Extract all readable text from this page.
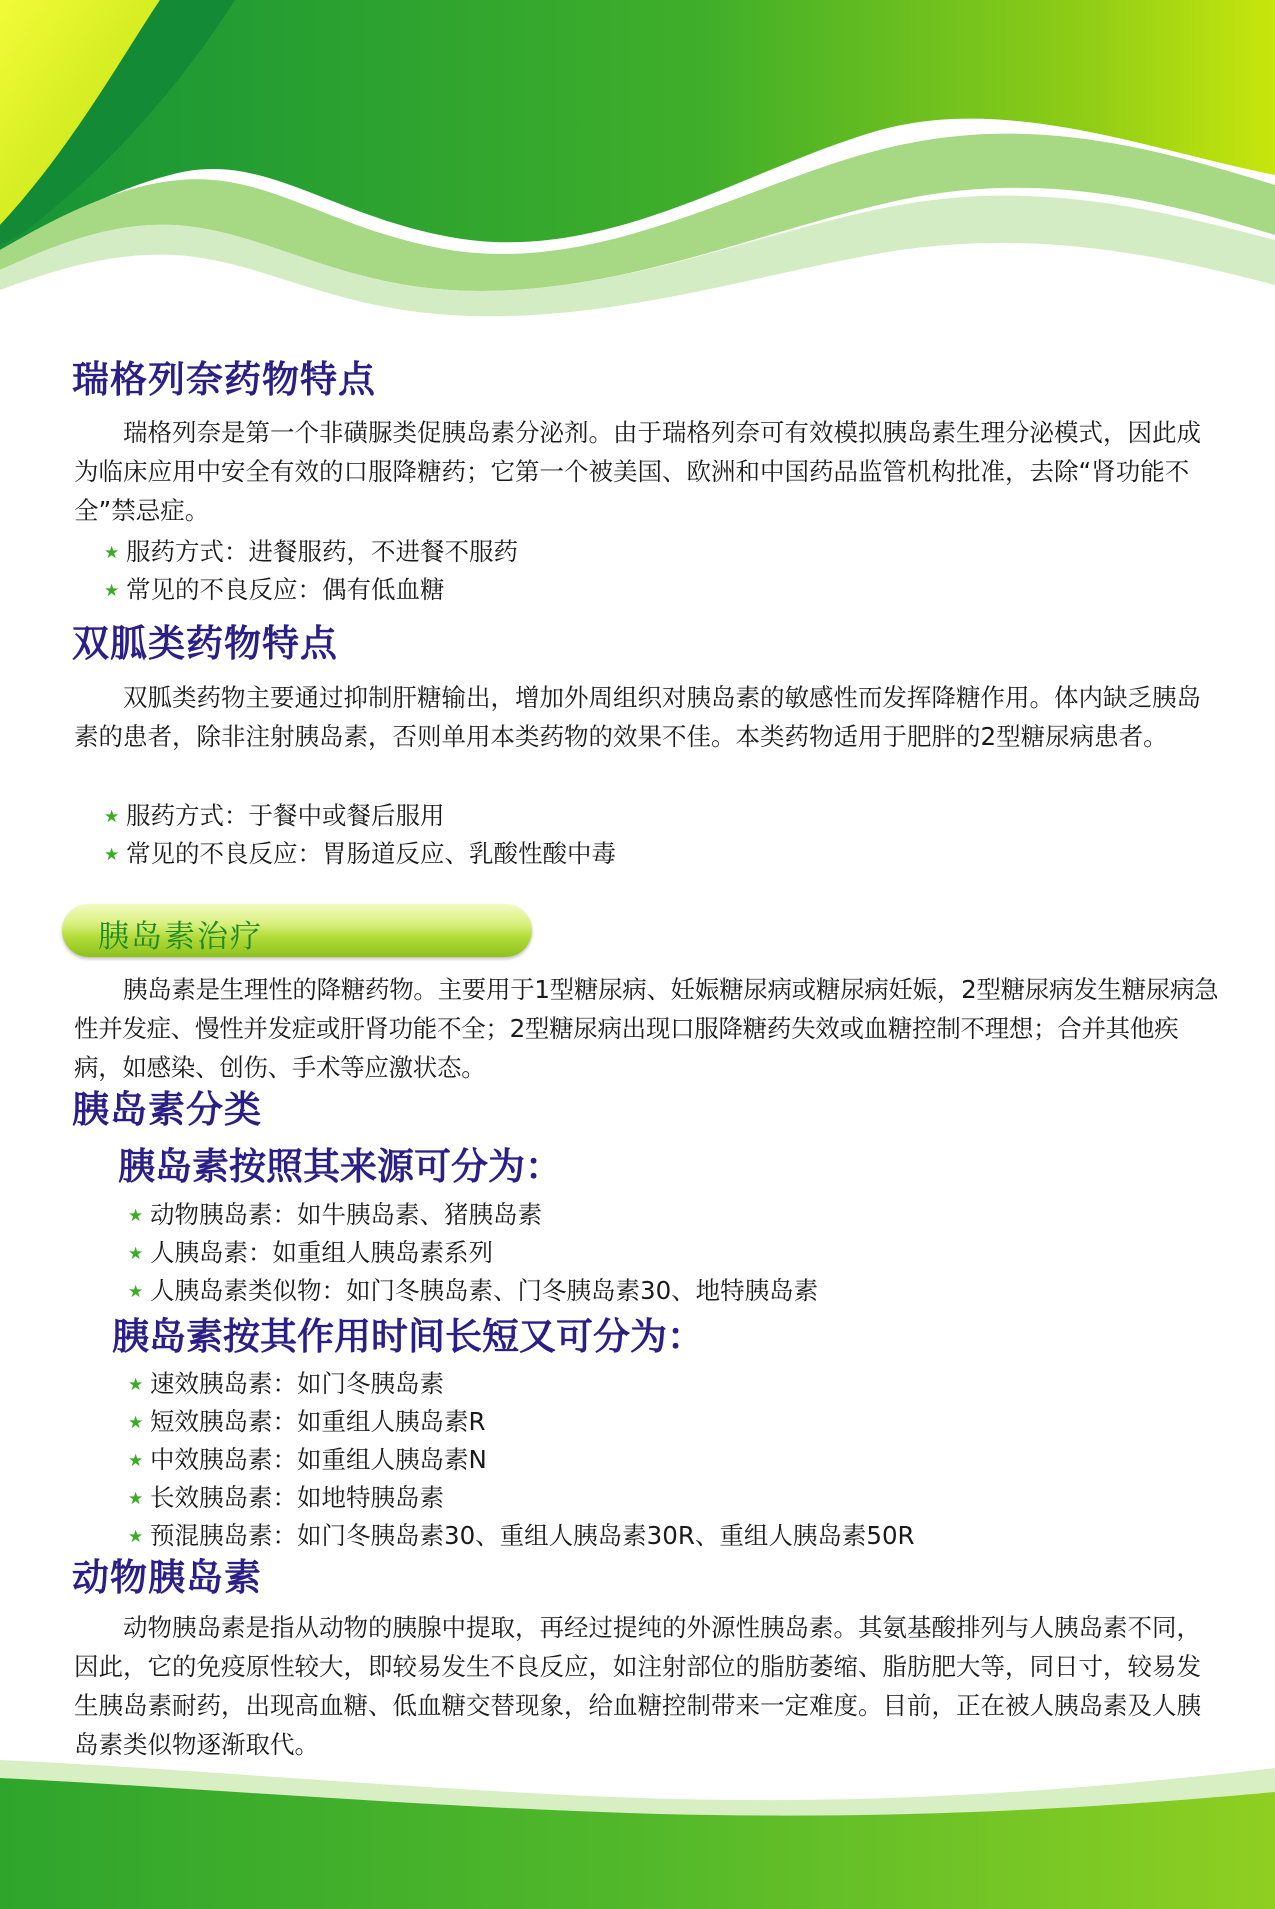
瑞格列奈药物特点

瑞格列奈是第一个非磺脲类促胰岛素分泌剂。由于瑞格列奈可有效模拟胰岛素生理分泌模式，因此成为临床应用中安全有效的口服降糖药；它第一个被美国、欧洲和中国药品监管机构批准，去除“肾功能不全”禁忌症。

★ 服药方式：进餐服药，不进餐不服药
★ 常见的不良反应：偶有低血糖
双胍类药物特点

双胍类药物主要通过抑制肝糖输出，增加外周组织对胰岛素的敏感性而发挥降糖作用。体内缺乏胰岛素的患者，除非注射胰岛素，否则单用本类药物的效果不佳。本类药物适用于肥胖的2型糖尿病患者。

★ 服药方式：于餐中或餐后服用
★ 常见的不良反应：胃肠道反应、乳酸性酸中毒
胰岛素治疗

胰岛素是生理性的降糖药物。主要用于1型糖尿病、妊娠糖尿病或糖尿病妊娠，2型糖尿病发生糖尿病急性并发症、慢性并发症或肝肾功能不全；2型糖尿病出现口服降糖药失效或血糖控制不理想；合并其他疾病，如感染、创伤、手术等应激状态。

胰岛素分类
胰岛素按照其来源可分为：
★ 动物胰岛素：如牛胰岛素、猪胰岛素
★ 人胰岛素：如重组人胰岛素系列
★ 人胰岛素类似物：如门冬胰岛素、门冬胰岛素30、地特胰岛素
胰岛素按其作用时间长短又可分为：
★ 速效胰岛素：如门冬胰岛素
★ 短效胰岛素：如重组人胰岛素R
★ 中效胰岛素：如重组人胰岛素N
★ 长效胰岛素：如地特胰岛素
★ 预混胰岛素：如门冬胰岛素30、重组人胰岛素30R、重组人胰岛素50R
动物胰岛素

动物胰岛素是指从动物的胰腺中提取，再经过提纯的外源性胰岛素。其氨基酸排列与人胰岛素不同，因此，它的免疫原性较大，即较易发生不良反应，如注射部位的脂肪萎缩、脂肪肥大等，同日寸，较易发生胰岛素耐药，出现高血糖、低血糖交替现象，给血糖控制带来一定难度。目前，正在被人胰岛素及人胰岛素类似物逐渐取代。
